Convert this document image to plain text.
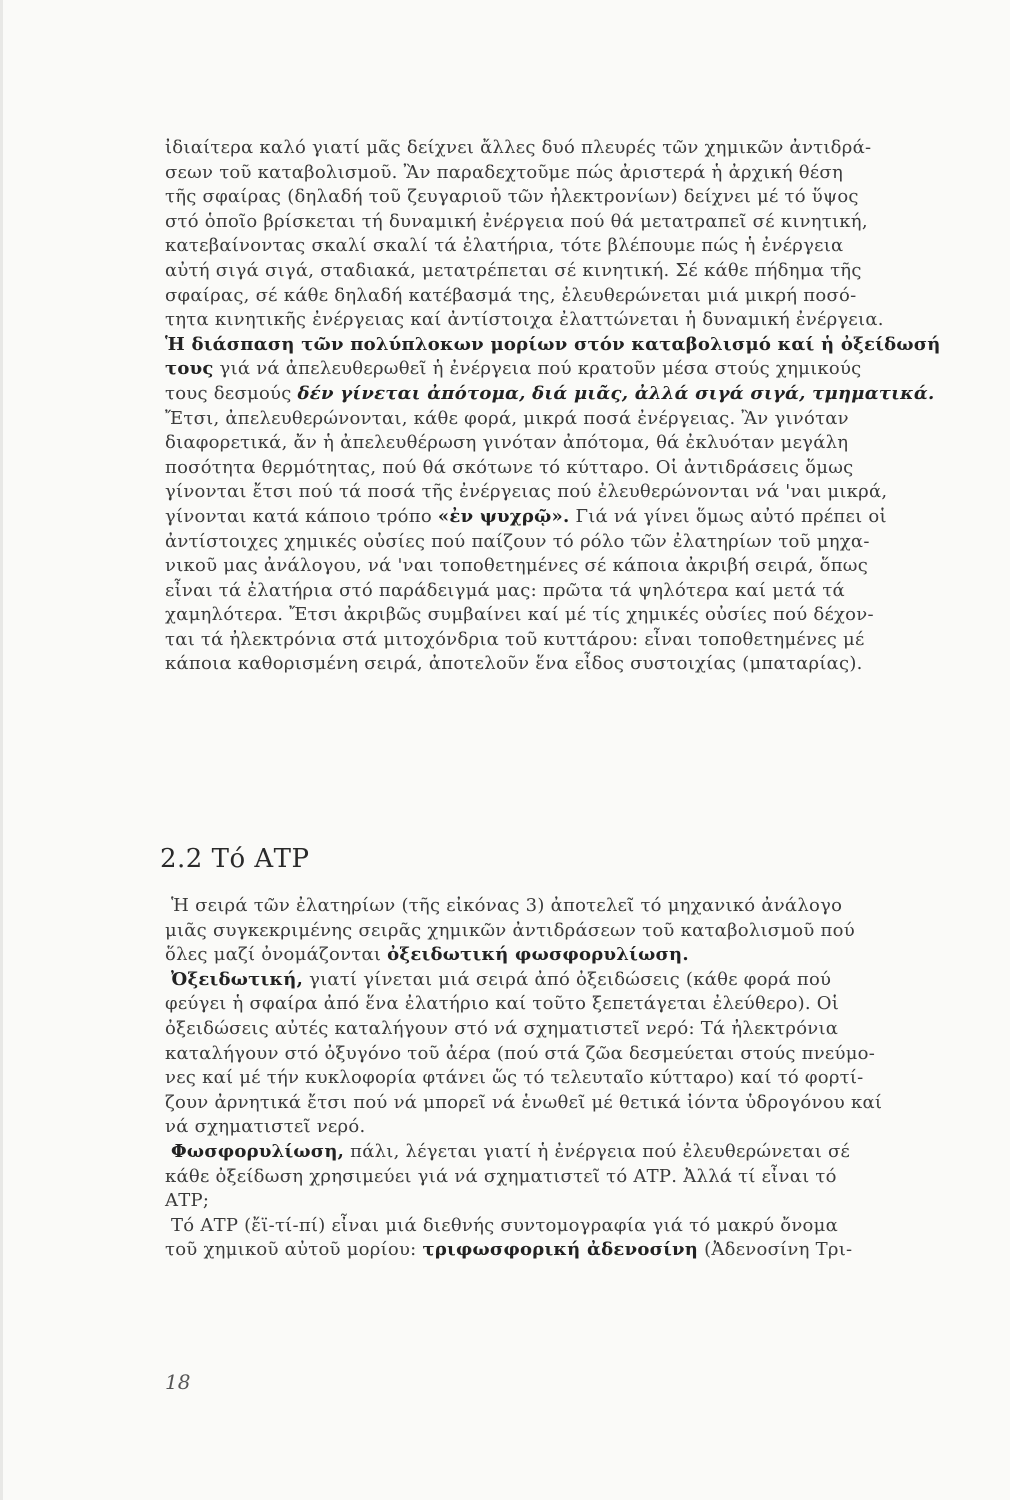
ἰδιαίτερα καλό γιατί μᾶς δείχνει ἄλλες δυό πλευρές τῶν χημικῶν ἀντιδρά-
σεων τοῦ καταβολισμοῦ. Ἂν παραδεχτοῦμε πώς ἀριστερά ἡ ἀρχική θέση
τῆς σφαίρας (δηλαδή τοῦ ζευγαριοῦ τῶν ἠλεκτρονίων) δείχνει μέ τό ὕψος
στό ὁποῖο βρίσκεται τή δυναμική ἐνέργεια πού θά μετατραπεῖ σέ κινητική,
κατεβαίνοντας σκαλί σκαλί τά ἐλατήρια, τότε βλέπουμε πώς ἡ ἐνέργεια
αὐτή σιγά σιγά, σταδιακά, μετατρέπεται σέ κινητική. Σέ κάθε πήδημα τῆς
σφαίρας, σέ κάθε δηλαδή κατέβασμά της, ἐλευθερώνεται μιά μικρή ποσό-
τητα κινητικῆς ἐνέργειας καί ἀντίστοιχα ἐλαττώνεται ἡ δυναμική ἐνέργεια.
Ἡ διάσπαση τῶν πολύπλοκων μορίων στόν καταβολισμό καί ἡ ὀξείδωσή
τους γιά νά ἀπελευθερωθεῖ ἡ ἐνέργεια πού κρατοῦν μέσα στούς χημικούς
τους δεσμούς δέν γίνεται ἀπότομα, διά μιᾶς, ἀλλά σιγά σιγά, τμηματικά.
Ἔτσι, ἀπελευθερώνονται, κάθε φορά, μικρά ποσά ἐνέργειας. Ἂν γινόταν
διαφορετικά, ἄν ἡ ἀπελευθέρωση γινόταν ἀπότομα, θά ἐκλυόταν μεγάλη
ποσότητα θερμότητας, πού θά σκότωνε τό κύτταρο. Οἱ ἀντιδράσεις ὅμως
γίνονται ἔτσι πού τά ποσά τῆς ἐνέργειας πού ἐλευθερώνονται νά 'ναι μικρά,
γίνονται κατά κάποιο τρόπο «ἐν ψυχρῷ». Γιά νά γίνει ὅμως αὐτό πρέπει οἱ
ἀντίστοιχες χημικές οὐσίες πού παίζουν τό ρόλο τῶν ἐλατηρίων τοῦ μηχα-
νικοῦ μας ἀνάλογου, νά 'ναι τοποθετημένες σέ κάποια ἀκριβή σειρά, ὅπως
εἶναι τά ἐλατήρια στό παράδειγμά μας: πρῶτα τά ψηλότερα καί μετά τά
χαμηλότερα. Ἔτσι ἀκριβῶς συμβαίνει καί μέ τίς χημικές οὐσίες πού δέχον-
ται τά ἠλεκτρόνια στά μιτοχόνδρια τοῦ κυττάρου: εἶναι τοποθετημένες μέ
κάποια καθορισμένη σειρά, ἀποτελοῦν ἕνα εἶδος συστοιχίας (μπαταρίας).
2.2 Τό ΑΤΡ
Ἡ σειρά τῶν ἐλατηρίων (τῆς εἰκόνας 3) ἀποτελεῖ τό μηχανικό ἀνάλογο
μιᾶς συγκεκριμένης σειρᾶς χημικῶν ἀντιδράσεων τοῦ καταβολισμοῦ πού
ὅλες μαζί ὀνομάζονται ὀξειδωτική φωσφορυλίωση.
Ὀξειδωτική, γιατί γίνεται μιά σειρά ἀπό ὀξειδώσεις (κάθε φορά πού
φεύγει ἡ σφαίρα ἀπό ἕνα ἐλατήριο καί τοῦτο ξεπετάγεται ἐλεύθερο). Οἱ
ὀξειδώσεις αὐτές καταλήγουν στό νά σχηματιστεῖ νερό: Τά ἠλεκτρόνια
καταλήγουν στό ὀξυγόνο τοῦ ἀέρα (πού στά ζῶα δεσμεύεται στούς πνεύμο-
νες καί μέ τήν κυκλοφορία φτάνει ὥς τό τελευταῖο κύτταρο) καί τό φορτί-
ζουν ἀρνητικά ἔτσι πού νά μπορεῖ νά ἑνωθεῖ μέ θετικά ἰόντα ὑδρογόνου καί
νά σχηματιστεῖ νερό.
Φωσφορυλίωση, πάλι, λέγεται γιατί ἡ ἐνέργεια πού ἐλευθερώνεται σέ
κάθε ὀξείδωση χρησιμεύει γιά νά σχηματιστεῖ τό ΑΤΡ. Ἀλλά τί εἶναι τό
ΑΤΡ;
Τό ΑΤΡ (ἔϊ-τί-πί) εἶναι μιά διεθνής συντομογραφία γιά τό μακρύ ὄνομα
τοῦ χημικοῦ αὐτοῦ μορίου: τριφωσφορική ἀδενοσίνη (Ἀδενοσίνη Τρι-
18
